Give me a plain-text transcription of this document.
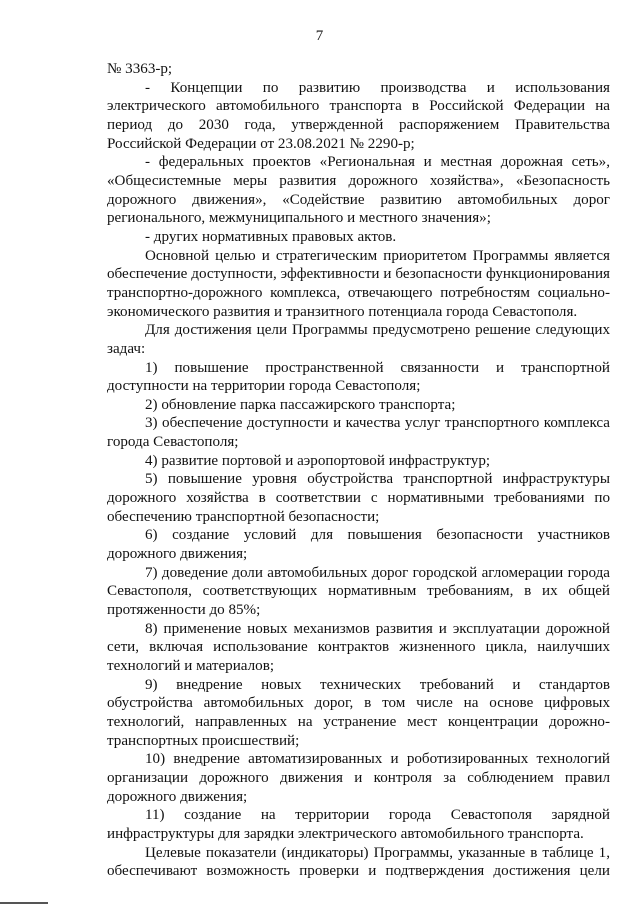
7

№ 3363-р;

- Концепции по развитию производства и использования электрического автомобильного транспорта в Российской Федерации на период до 2030 года, утвержденной распоряжением Правительства Российской Федерации от 23.08.2021 № 2290-р;

- федеральных проектов «Региональная и местная дорожная сеть», «Общесистемные меры развития дорожного хозяйства», «Безопасность дорожного движения», «Содействие развитию автомобильных дорог регионального, межмуниципального и местного значения»;

- других нормативных правовых актов.

Основной целью и стратегическим приоритетом Программы является обеспечение доступности, эффективности и безопасности функционирования транспортно-дорожного комплекса, отвечающего потребностям социально-экономического развития и транзитного потенциала города Севастополя.

Для достижения цели Программы предусмотрено решение следующих задач:

1) повышение пространственной связанности и транспортной доступности на территории города Севастополя;

2) обновление парка пассажирского транспорта;

3) обеспечение доступности и качества услуг транспортного комплекса города Севастополя;

4) развитие портовой и аэропортовой инфраструктур;

5) повышение уровня обустройства транспортной инфраструктуры дорожного хозяйства в соответствии с нормативными требованиями по обеспечению транспортной безопасности;

6) создание условий для повышения безопасности участников дорожного движения;

7) доведение доли автомобильных дорог городской агломерации города Севастополя, соответствующих нормативным требованиям, в их общей протяженности до 85%;

8) применение новых механизмов развития и эксплуатации дорожной сети, включая использование контрактов жизненного цикла, наилучших технологий и материалов;

9) внедрение новых технических требований и стандартов обустройства автомобильных дорог, в том числе на основе цифровых технологий, направленных на устранение мест концентрации дорожно-транспортных происшествий;

10) внедрение автоматизированных и роботизированных технологий организации дорожного движения и контроля за соблюдением правил дорожного движения;

11) создание на территории города Севастополя зарядной инфраструктуры для зарядки электрического автомобильного транспорта.

Целевые показатели (индикаторы) Программы, указанные в таблице 1, обеспечивают возможность проверки и подтверждения достижения цели
